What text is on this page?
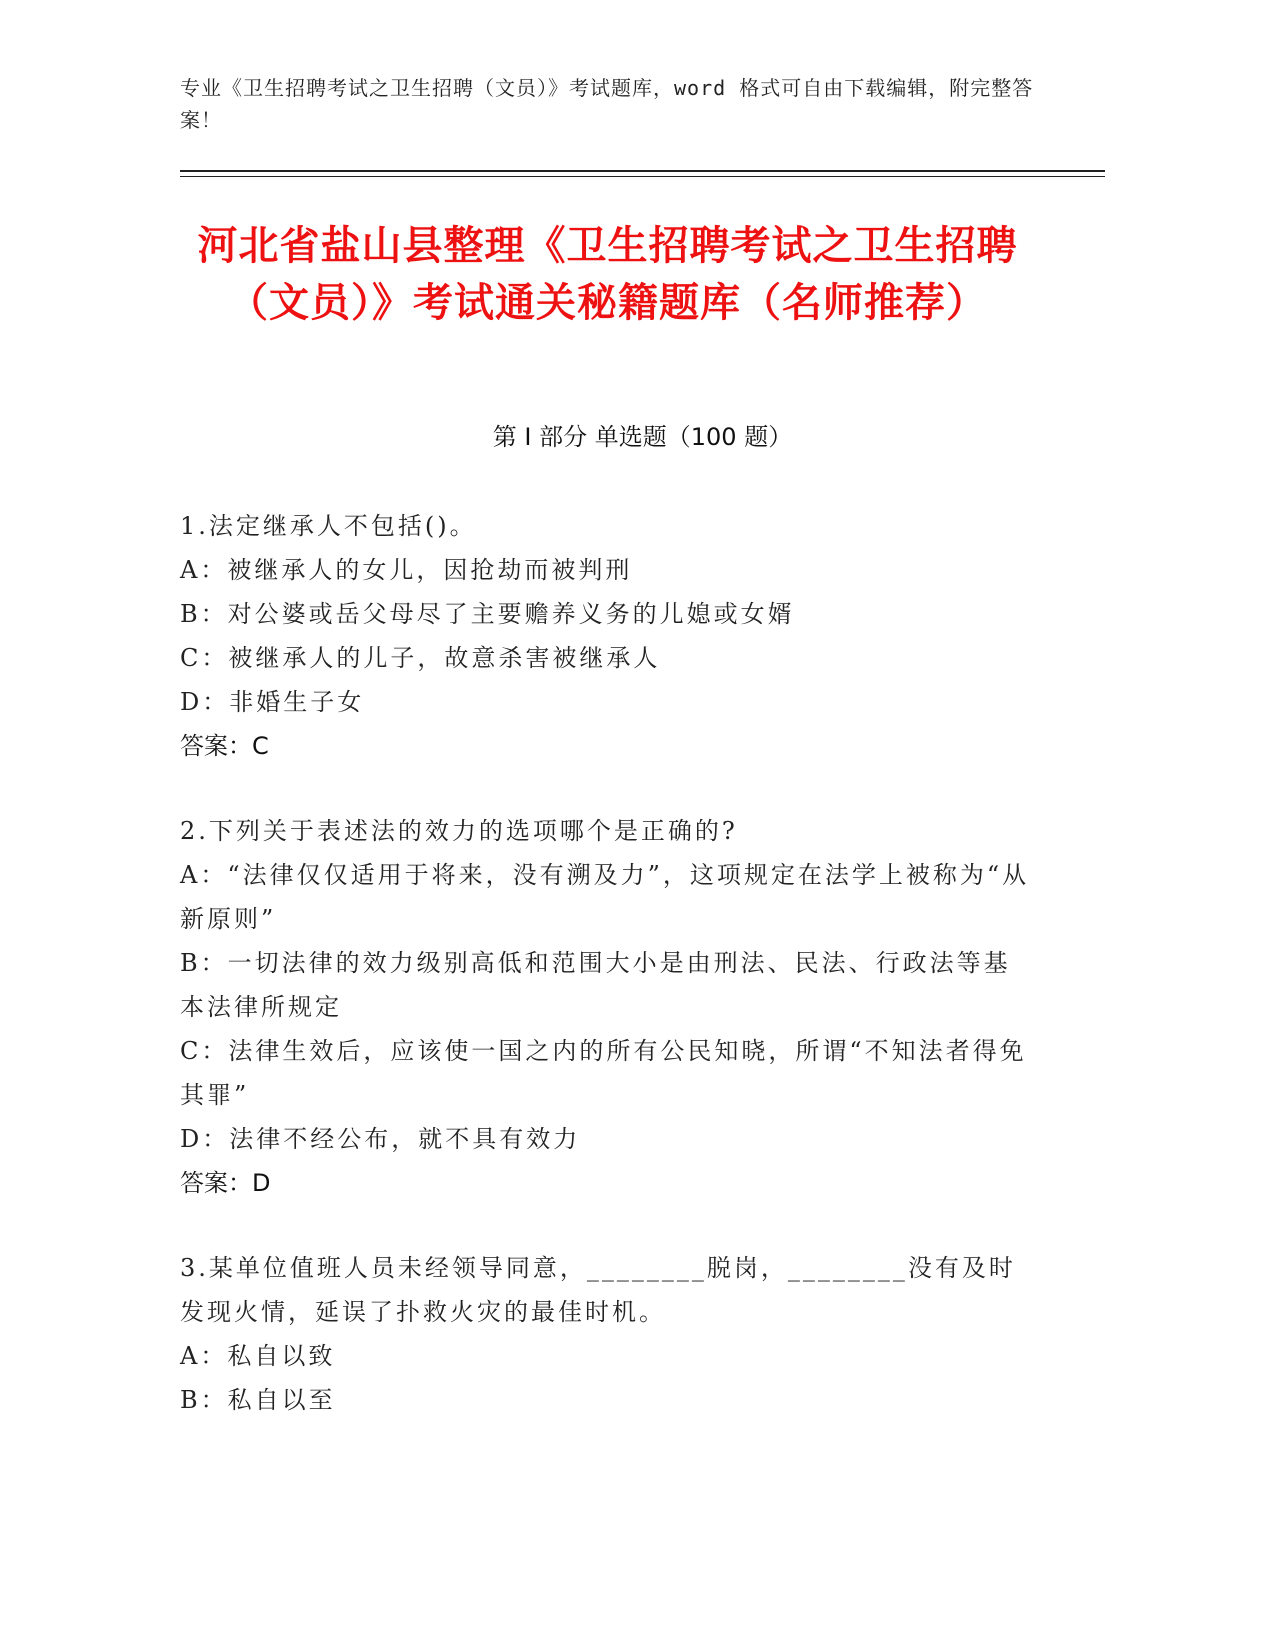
专业《卫生招聘考试之卫生招聘（文员）》考试题库，word 格式可自由下载编辑，附完整答案！
河北省盐山县整理《卫生招聘考试之卫生招聘（文员）》考试通关秘籍题库（名师推荐）
第 I 部分 单选题（100 题）
1.法定继承人不包括()。
A：被继承人的女儿，因抢劫而被判刑
B：对公婆或岳父母尽了主要赡养义务的儿媳或女婿
C：被继承人的儿子，故意杀害被继承人
D：非婚生子女
答案：C
2.下列关于表述法的效力的选项哪个是正确的?
A：“法律仅仅适用于将来，没有溯及力”，这项规定在法学上被称为“从新原则”
B：一切法律的效力级别高低和范围大小是由刑法、民法、行政法等基本法律所规定
C：法律生效后，应该使一国之内的所有公民知晓，所谓“不知法者得免其罪”
D：法律不经公布，就不具有效力
答案：D
3.某单位值班人员未经领导同意，________脱岗，________没有及时发现火情，延误了扑救火灾的最佳时机。
A：私自以致
B：私自以至
